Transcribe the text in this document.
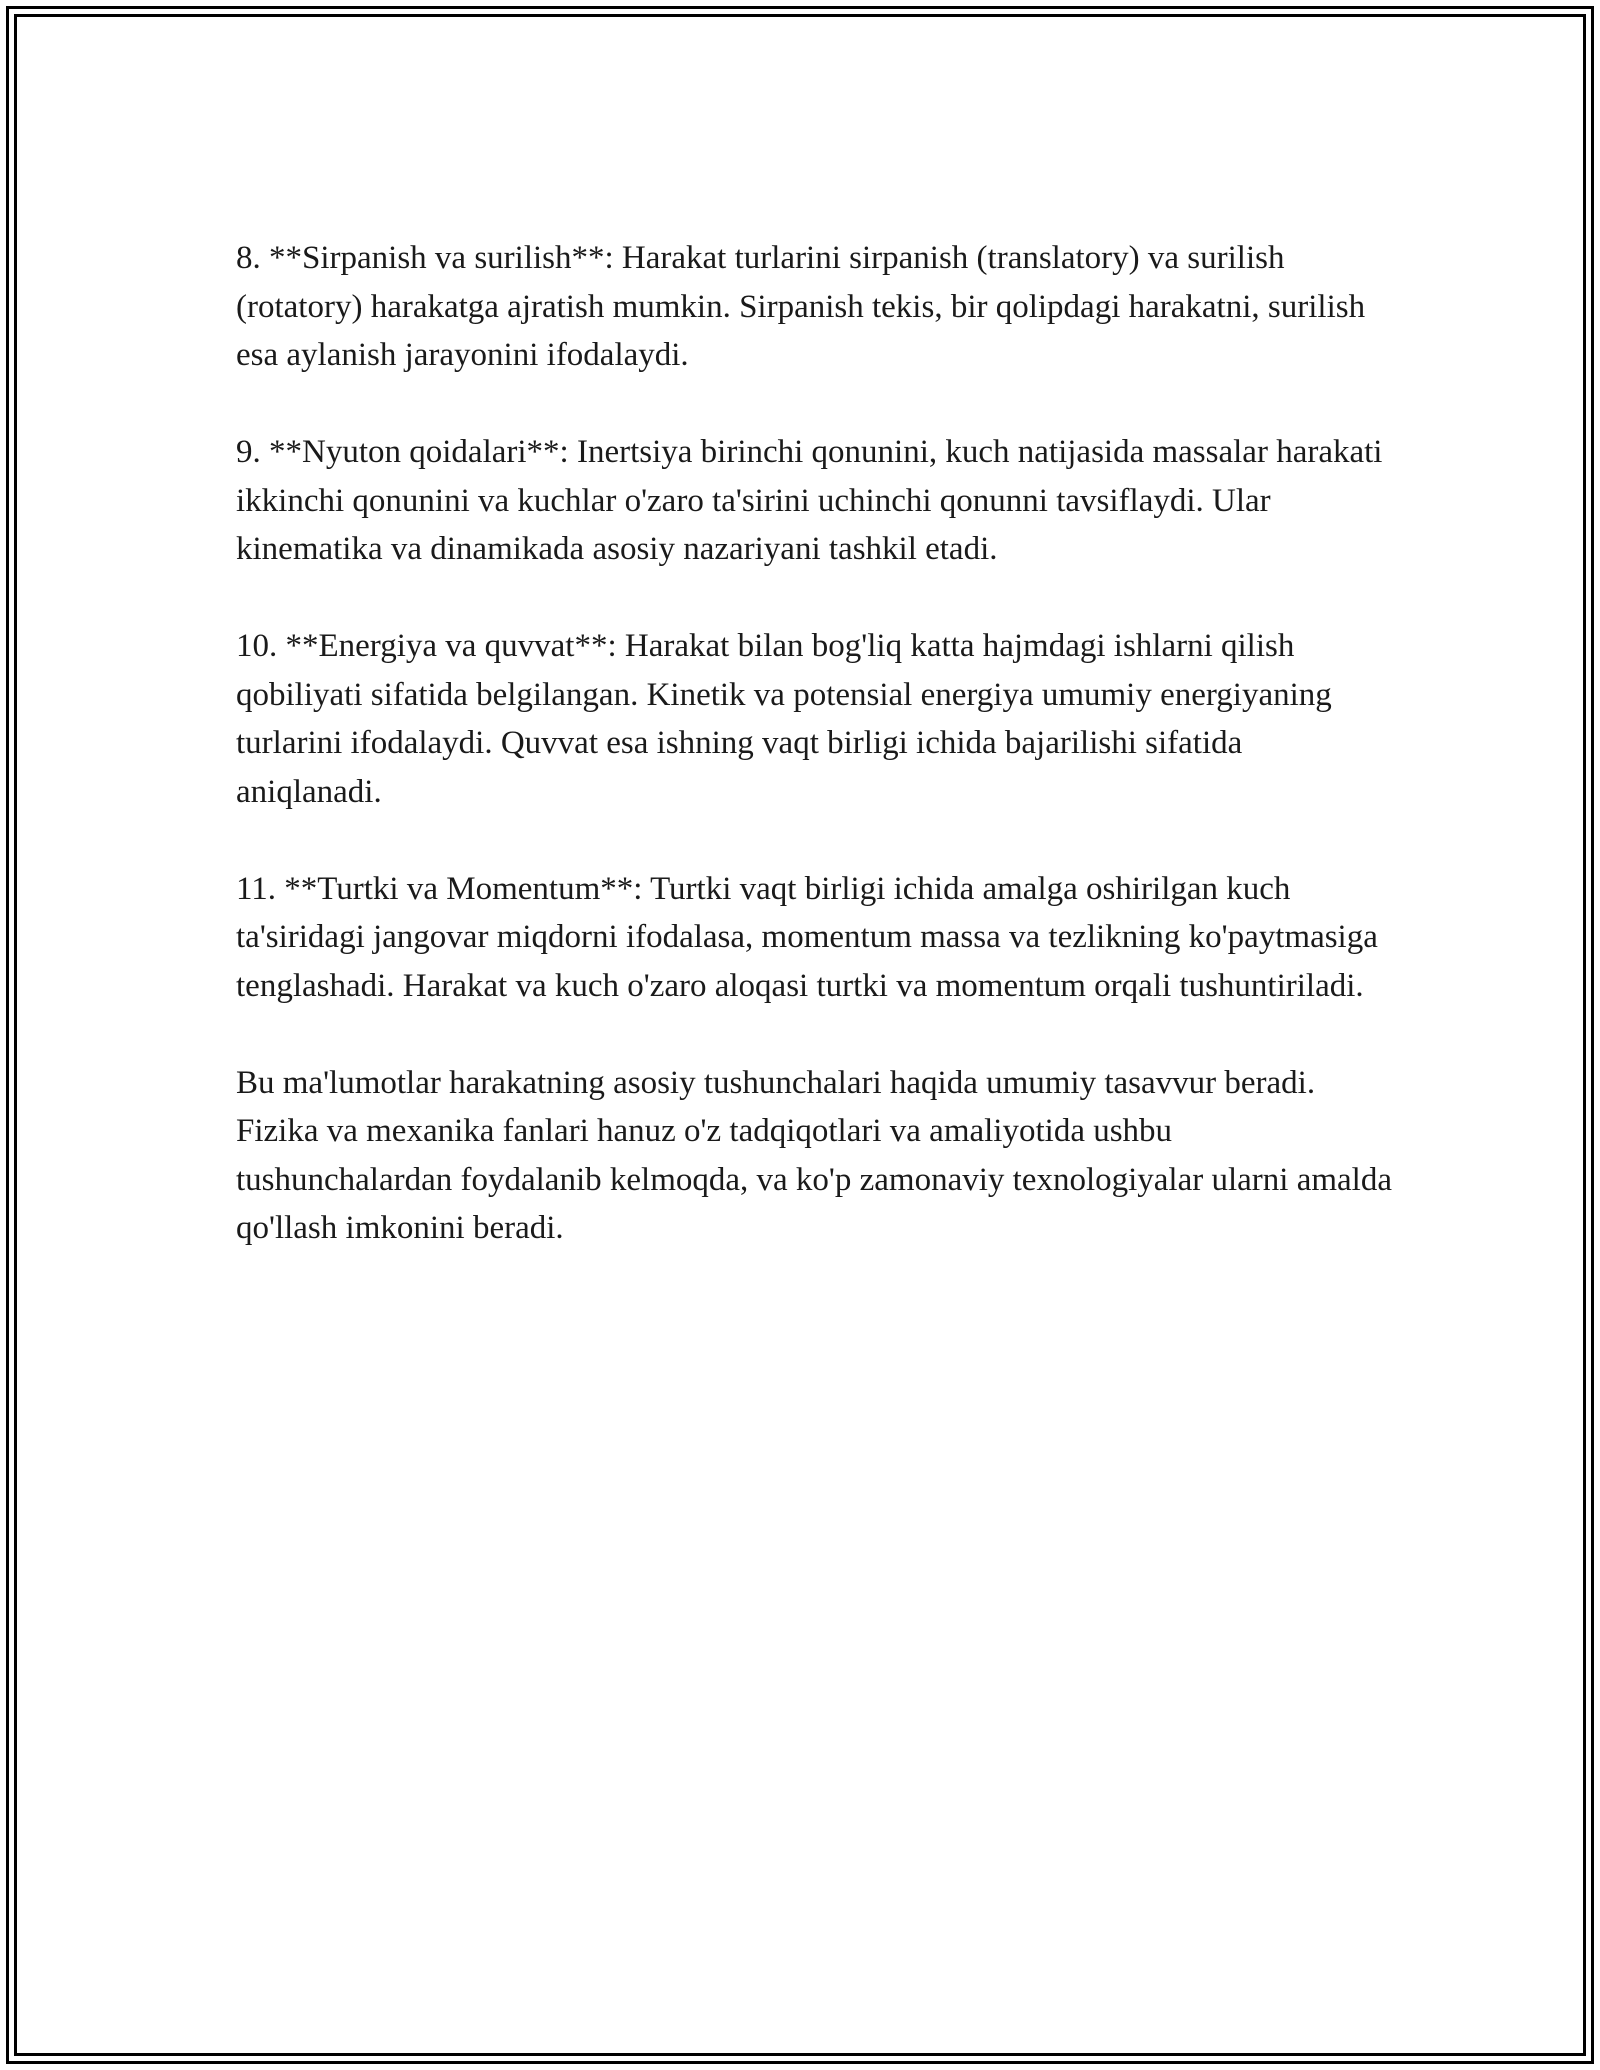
8. **Sirpanish va surilish**: Harakat turlarini sirpanish (translatory) va surilish (rotatory) harakatga ajratish mumkin. Sirpanish tekis, bir qolipdagi harakatni, surilish esa aylanish jarayonini ifodalaydi.

9. **Nyuton qoidalari**: Inertsiya birinchi qonunini, kuch natijasida massalar harakati ikkinchi qonunini va kuchlar o'zaro ta'sirini uchinchi qonunni tavsiflaydi. Ular kinematika va dinamikada asosiy nazariyani tashkil etadi.

10. **Energiya va quvvat**: Harakat bilan bog'liq katta hajmdagi ishlarni qilish qobiliyati sifatida belgilangan. Kinetik va potensial energiya umumiy energiyaning turlarini ifodalaydi. Quvvat esa ishning vaqt birligi ichida bajarilishi sifatida aniqlanadi.

11. **Turtki va Momentum**: Turtki vaqt birligi ichida amalga oshirilgan kuch ta'siridagi jangovar miqdorni ifodalasa, momentum massa va tezlikning ko'paytmasiga tenglashadi. Harakat va kuch o'zaro aloqasi turtki va momentum orqali tushuntiriladi.

Bu ma'lumotlar harakatning asosiy tushunchalari haqida umumiy tasavvur beradi. Fizika va mexanika fanlari hanuz o'z tadqiqotlari va amaliyotida ushbu tushunchalardan foydalanib kelmoqda, va ko'p zamonaviy texnologiyalar ularni amalda qo'llash imkonini beradi.
